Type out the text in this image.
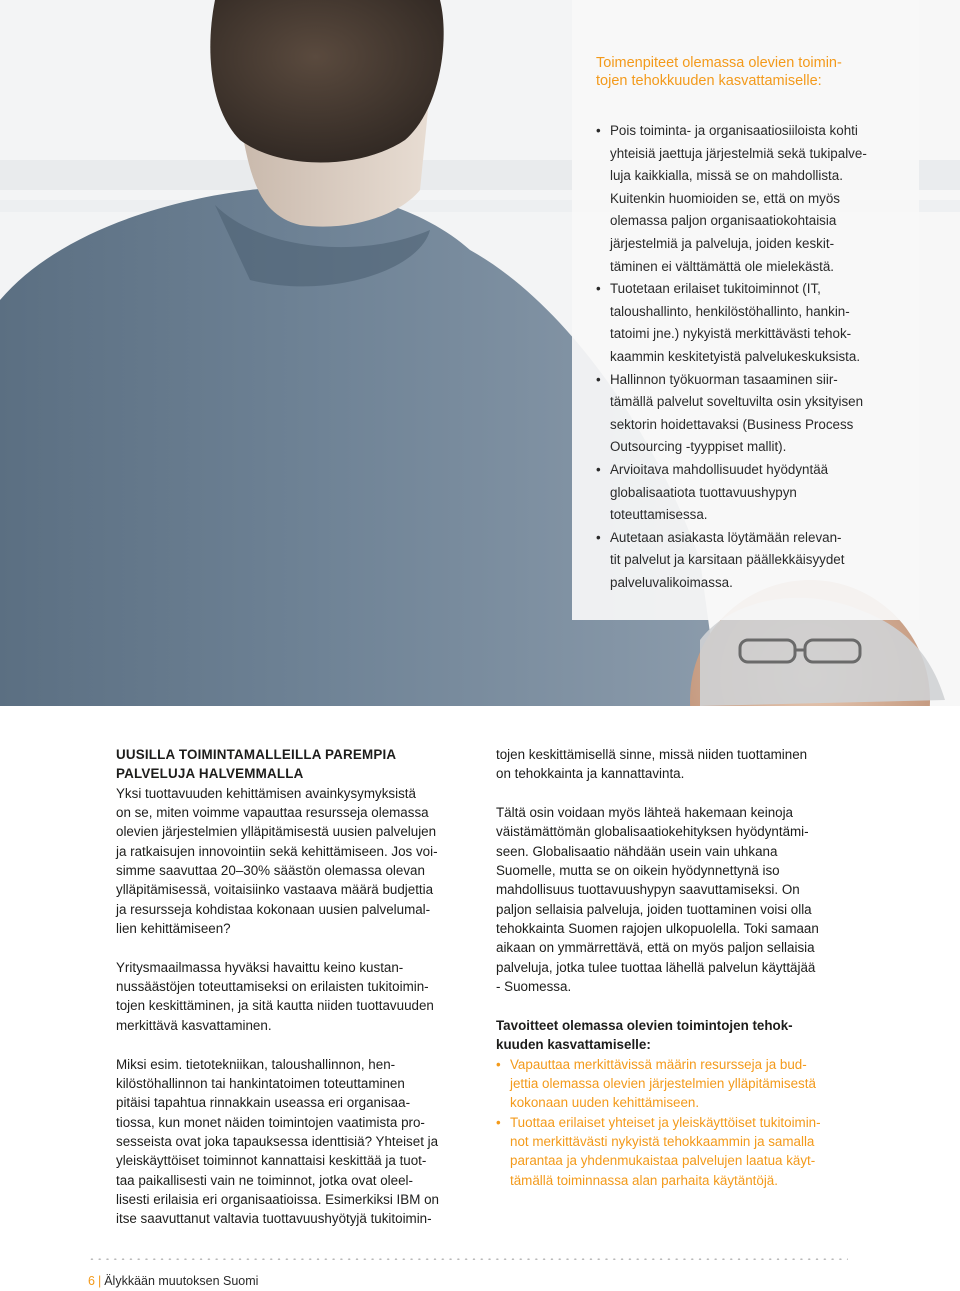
Toimenpiteet olemassa olevien toimin-
tojen tehokkuuden kasvattamiselle:
• Pois toiminta- ja organisaatiosiiloista kohti
yhteisiä jaettuja järjestelmiä sekä tukipalve-
luja kaikkialla, missä se on mahdollista.
Kuitenkin huomioiden se, että on myös
olemassa paljon organisaatiokohtaisia
järjestelmiä ja palveluja, joiden keskit-
täminen ei välttämättä ole mielekästä.
• Tuotetaan erilaiset tukitoiminnot (IT,
taloushallinto, henkilöstöhallinto, hankin-
tatoimi jne.) nykyistä merkittävästi tehok-
kaammin keskitetyistä palvelukeskuksista.
• Hallinnon työkuorman tasaaminen siir-
tämällä palvelut soveltuvilta osin yksityisen
sektorin hoidettavaksi (Business Process
Outsourcing -tyyppiset mallit).
• Arvioitava mahdollisuudet hyödyntää
globalisaatiota tuottavuushypyn
toteuttamisessa.
• Autetaan asiakasta löytämään relevan-
tit palvelut ja karsitaan päällekkäisyydet
palveluvalikoimassa.
UUSILLA TOIMINTAMALLEILLA PAREMPIA
PALVELUJA HALVEMMALLA

Yksi tuottavuuden kehittämisen avainkysymyksistä
on se, miten voimme vapauttaa resursseja olemassa
olevien järjestelmien ylläpitämisestä uusien palvelujen
ja ratkaisujen innovointiin sekä kehittämiseen. Jos voi-
simme saavuttaa 20–30% säästön olemassa olevan
ylläpitämisessä, voitaisiinko vastaava määrä budjettia
ja resursseja kohdistaa kokonaan uusien palvelumal-
lien kehittämiseen?

Yritysmaailmassa hyväksi havaittu keino kustan-
nussäästöjen toteuttamiseksi on erilaisten tukitoimin-
tojen keskittäminen, ja sitä kautta niiden tuottavuuden
merkittävä kasvattaminen.

Miksi esim. tietotekniikan, taloushallinnon, hen-
kilöstöhallinnon tai hankintatoimen toteuttaminen
pitäisi tapahtua rinnakkain useassa eri organisaa-
tiossa, kun monet näiden toimintojen vaatimista pro-
sesseista ovat joka tapauksessa identtisiä? Yhteiset ja
yleiskäyttöiset toiminnot kannattaisi keskittää ja tuot-
taa paikallisesti vain ne toiminnot, jotka ovat oleel-
lisesti erilaisia eri organisaatioissa. Esimerkiksi IBM on
itse saavuttanut valtavia tuottavuushyötyjä tukitoimin-

tojen keskittämisellä sinne, missä niiden tuottaminen
on tehokkainta ja kannattavinta.

Tältä osin voidaan myös lähteä hakemaan keinoja
väistämättömän globalisaatiokehityksen hyödyntämi-
seen. Globalisaatio nähdään usein vain uhkana
Suomelle, mutta se on oikein hyödynnettynä iso
mahdollisuus tuottavuushypyn saavuttamiseksi. On
paljon sellaisia palveluja, joiden tuottaminen voisi olla
tehokkainta Suomen rajojen ulkopuolella. Toki samaan
aikaan on ymmärrettävä, että on myös paljon sellaisia
palveluja, jotka tulee tuottaa lähellä palvelun käyttäjää
- Suomessa.

Tavoitteet olemassa olevien toimintojen tehok-
kuuden kasvattamiselle:
• Vapauttaa merkittävissä määrin resursseja ja bud-
jettia olemassa olevien järjestelmien ylläpitämisestä
kokonaan uuden kehittämiseen.
• Tuottaa erilaiset yhteiset ja yleiskäyttöiset tukitoimin-
not merkittävästi nykyistä tehokkaammin ja samalla
parantaa ja yhdenmukaistaa palvelujen laatua käyt-
tämällä toiminnassa alan parhaita käytäntöjä.
6 | Älykkään muutoksen Suomi
